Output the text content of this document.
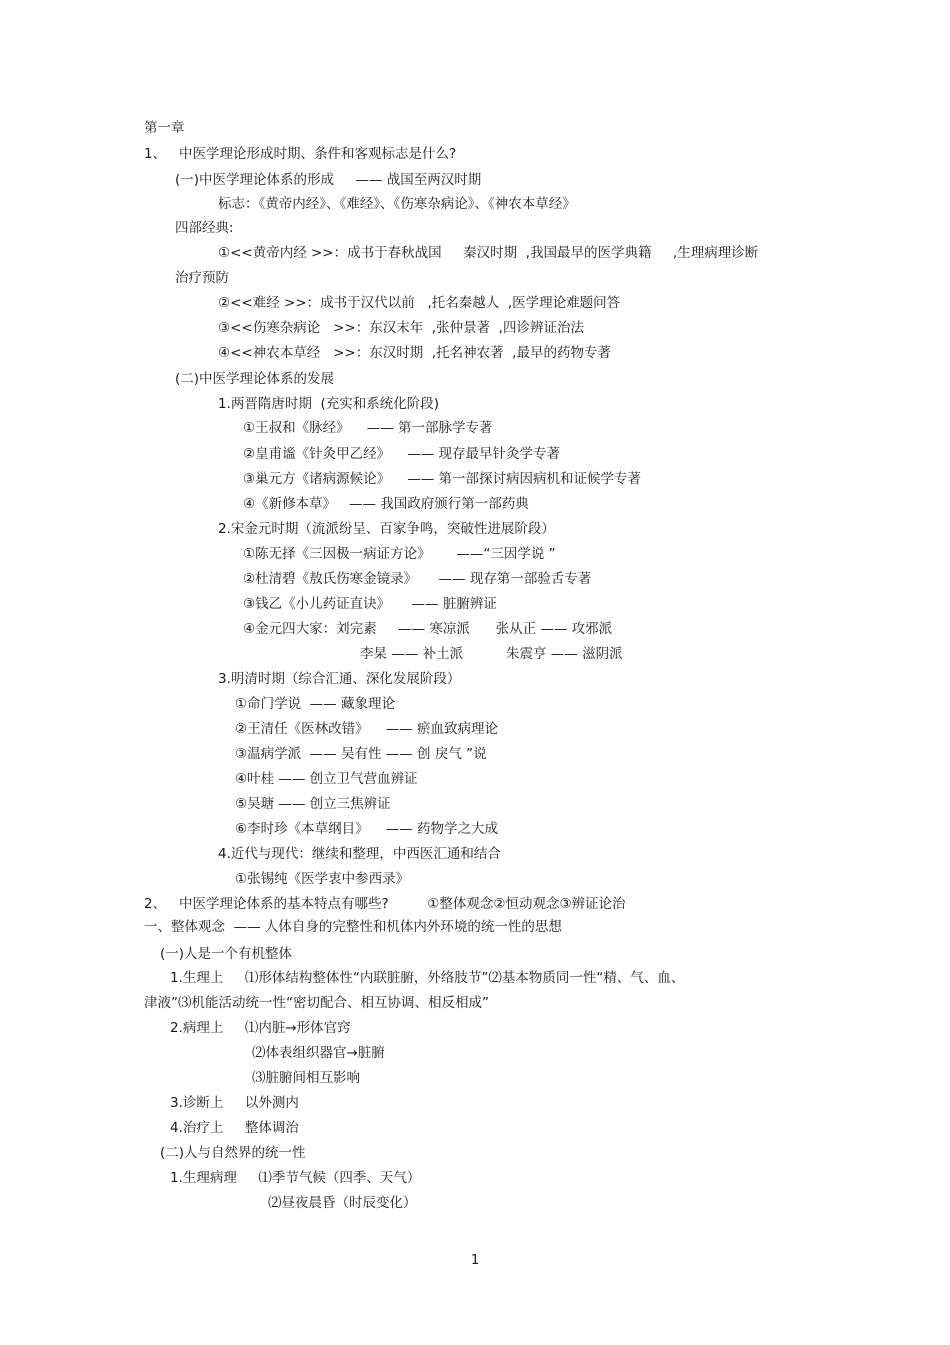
第一章
1、   中医学理论形成时期、条件和客观标志是什么?
(一)中医学理论体系的形成     —— 战国至两汉时期
标志：《黄帝内经》、《难经》、《伤寒杂病论》、《神农本草经》
四部经典:
①<<黄帝内经 >>：成书于春秋战国     秦汉时期  ,我国最早的医学典籍     ,生理病理诊断
治疗预防
②<<难经 >>：成书于汉代以前   ,托名秦越人  ,医学理论难题问答
③<<伤寒杂病论   >>：东汉末年  ,张仲景著  ,四诊辨证治法
④<<神农本草经   >>：东汉时期  ,托名神农著  ,最早的药物专著
(二)中医学理论体系的发展
1.两晋隋唐时期  (充实和系统化阶段)
①王叔和《脉经》    —— 第一部脉学专著
②皇甫谧《针灸甲乙经》    —— 现存最早针灸学专著
③巢元方《诸病源候论》    —— 第一部探讨病因病机和证候学专著
④《新修本草》   —— 我国政府颁行第一部药典
2.宋金元时期（流派纷呈、百家争鸣，突破性进展阶段）
①陈无择《三因极一病证方论》      ——“三因学说 ”
②杜清碧《敖氏伤寒金镜录》     —— 现存第一部验舌专著
③钱乙《小儿药证直诀》     —— 脏腑辨证
④金元四大家：刘完素     —— 寒凉派      张从正 —— 攻邪派
李杲 —— 补土派          朱震亨 —— 滋阴派
3.明清时期（综合汇通、深化发展阶段）
①命门学说  —— 藏象理论
②王清任《医林改错》    —— 瘀血致病理论
③温病学派  —— 吴有性 —— 创 戾气 ”说
④叶桂 —— 创立卫气营血辨证
⑤吴瑭 —— 创立三焦辨证
⑥李时珍《本草纲目》    —— 药物学之大成
4.近代与现代：继续和整理，中西医汇通和结合
①张锡纯《医学衷中参西录》
2、   中医学理论体系的基本特点有哪些?         ①整体观念②恒动观念③辨证论治
一、整体观念  —— 人体自身的完整性和机体内外环境的统一性的思想
(一)人是一个有机整体
1.生理上     ⑴形体结构整体性“内联脏腑，外络肢节”⑵基本物质同一性“精、气、血、
津液”⑶机能活动统一性“密切配合、相互协调、相反相成”
2.病理上     ⑴内脏→形体官窍
⑵体表组织器官→脏腑
⑶脏腑间相互影响
3.诊断上     以外测内
4.治疗上     整体调治
(二)人与自然界的统一性
1.生理病理     ⑴季节气候（四季、天气）
⑵昼夜晨昏（时辰变化）
1
